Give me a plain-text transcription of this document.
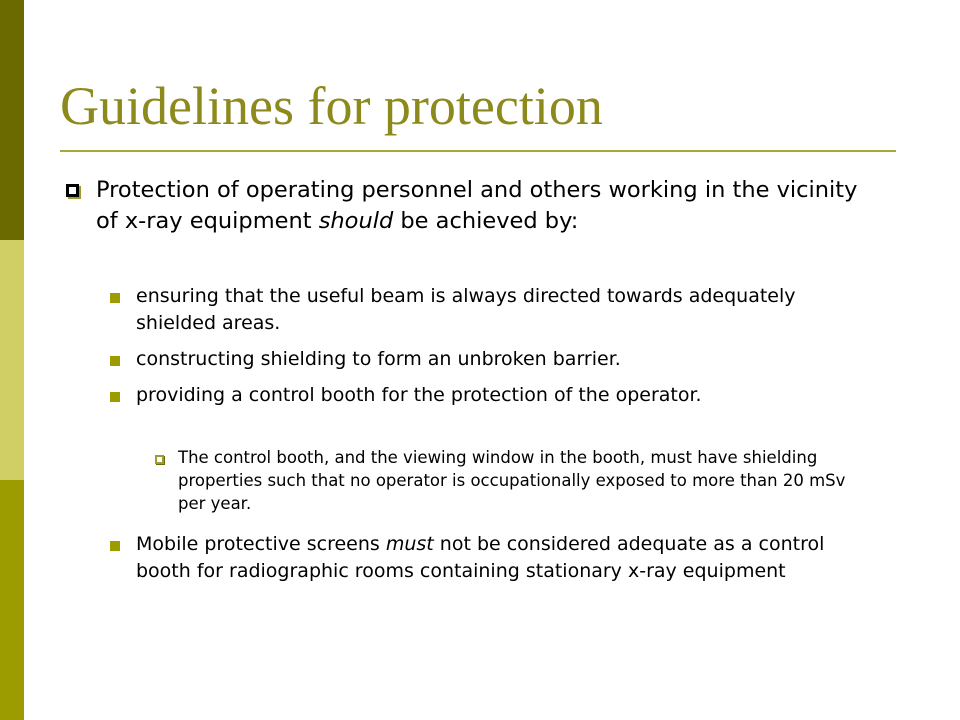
Guidelines for protection

Protection of operating personnel and others working in the vicinity of x-ray equipment should be achieved by:

ensuring that the useful beam is always directed towards adequately shielded areas.

constructing shielding to form an unbroken barrier.

providing a control booth for the protection of the operator.

The control booth, and the viewing window in the booth, must have shielding properties such that no operator is occupationally exposed to more than 20 mSv per year.

Mobile protective screens must not be considered adequate as a control booth for radiographic rooms containing stationary x-ray equipment
